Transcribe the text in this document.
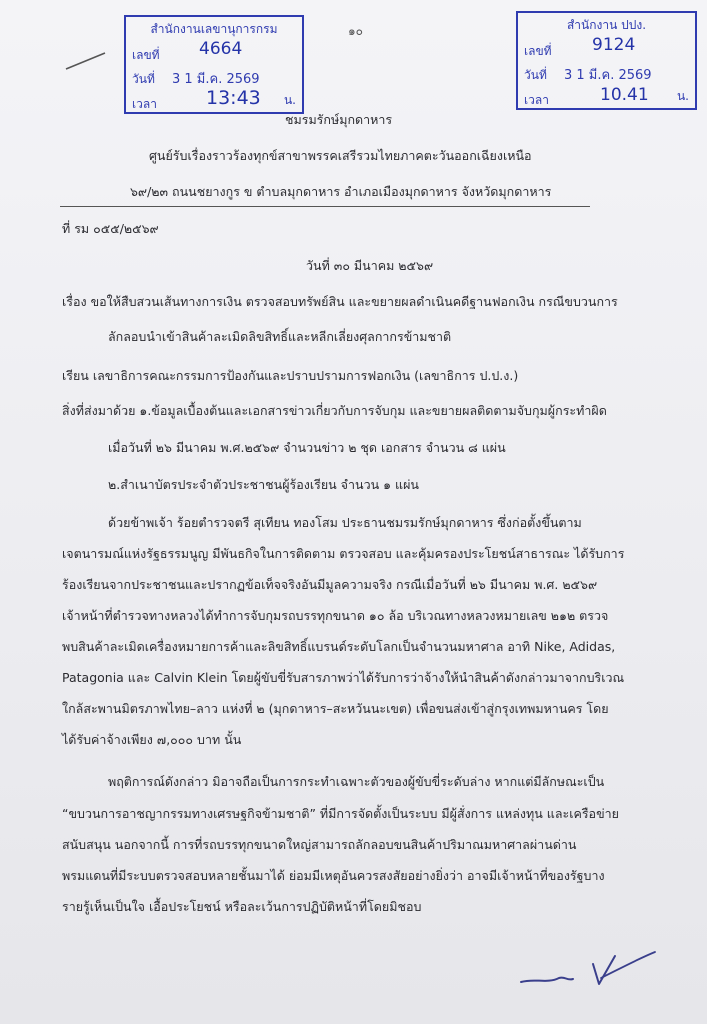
สำนักงานเลขานุการกรม
เลขที่ 4664
วันที่ 3 1 มี.ค. 2569
เวลา	13:43 น.
สำนักงาน ปปง.
เลขที่ 9124
วันที่ 3 1 มี.ค. 2569
เวลา	10.41 น.
๑๐
ชมรมรักษ์มุกดาหาร
ศูนย์รับเรื่องราวร้องทุกข์สาขาพรรคเสรีรวมไทยภาคตะวันออกเฉียงเหนือ
๖๙/๒๓ ถนนชยางกูร ข ตำบลมุกดาหาร อำเภอเมืองมุกดาหาร จังหวัดมุกดาหาร
ที่ รม ๐๕๕/๒๕๖๙
วันที่ ๓๐ มีนาคม ๒๕๖๙
เรื่อง ขอให้สืบสวนเส้นทางการเงิน ตรวจสอบทรัพย์สิน และขยายผลดำเนินคดีฐานฟอกเงิน กรณีขบวนการ
ลักลอบนำเข้าสินค้าละเมิดลิขสิทธิ์และหลีกเลี่ยงศุลกากรข้ามชาติ
เรียน เลขาธิการคณะกรรมการป้องกันและปราบปรามการฟอกเงิน (เลขาธิการ ป.ป.ง.)
สิ่งที่ส่งมาด้วย ๑.ข้อมูลเบื้องต้นและเอกสารข่าวเกี่ยวกับการจับกุม และขยายผลติดตามจับกุมผู้กระทำผิด
เมื่อวันที่ ๒๖ มีนาคม พ.ศ.๒๕๖๙ จำนวนข่าว ๒ ชุด เอกสาร จำนวน ๘ แผ่น
๒.สำเนาบัตรประจำตัวประชาชนผู้ร้องเรียน จำนวน ๑ แผ่น
ด้วยข้าพเจ้า ร้อยตำรวจตรี สุเทียน ทองโสม ประธานชมรมรักษ์มุกดาหาร ซึ่งก่อตั้งขึ้นตาม
เจตนารมณ์แห่งรัฐธรรมนูญ มีพันธกิจในการติดตาม ตรวจสอบ และคุ้มครองประโยชน์สาธารณะ ได้รับการ
ร้องเรียนจากประชาชนและปรากฏข้อเท็จจริงอันมีมูลความจริง กรณีเมื่อวันที่ ๒๖ มีนาคม พ.ศ. ๒๕๖๙
เจ้าหน้าที่ตำรวจทางหลวงได้ทำการจับกุมรถบรรทุกขนาด ๑๐ ล้อ บริเวณทางหลวงหมายเลข ๒๑๒ ตรวจ
พบสินค้าละเมิดเครื่องหมายการค้าและลิขสิทธิ์แบรนด์ระดับโลกเป็นจำนวนมหาศาล อาทิ Nike, Adidas,
Patagonia และ Calvin Klein โดยผู้ขับขี่รับสารภาพว่าได้รับการว่าจ้างให้นำสินค้าดังกล่าวมาจากบริเวณ
ใกล้สะพานมิตรภาพไทย–ลาว แห่งที่ ๒ (มุกดาหาร–สะหวันนะเขต) เพื่อขนส่งเข้าสู่กรุงเทพมหานคร โดย
ได้รับค่าจ้างเพียง ๗,๐๐๐ บาท นั้น
พฤติการณ์ดังกล่าว มิอาจถือเป็นการกระทำเฉพาะตัวของผู้ขับขี่ระดับล่าง หากแต่มีลักษณะเป็น
“ขบวนการอาชญากรรมทางเศรษฐกิจข้ามชาติ” ที่มีการจัดตั้งเป็นระบบ มีผู้สั่งการ แหล่งทุน และเครือข่าย
สนับสนุน นอกจากนี้ การที่รถบรรทุกขนาดใหญ่สามารถลักลอบขนสินค้าปริมาณมหาศาลผ่านด่าน
พรมแดนที่มีระบบตรวจสอบหลายชั้นมาได้ ย่อมมีเหตุอันควรสงสัยอย่างยิ่งว่า อาจมีเจ้าหน้าที่ของรัฐบาง
รายรู้เห็นเป็นใจ เอื้อประโยชน์ หรือละเว้นการปฏิบัติหน้าที่โดยมิชอบ
